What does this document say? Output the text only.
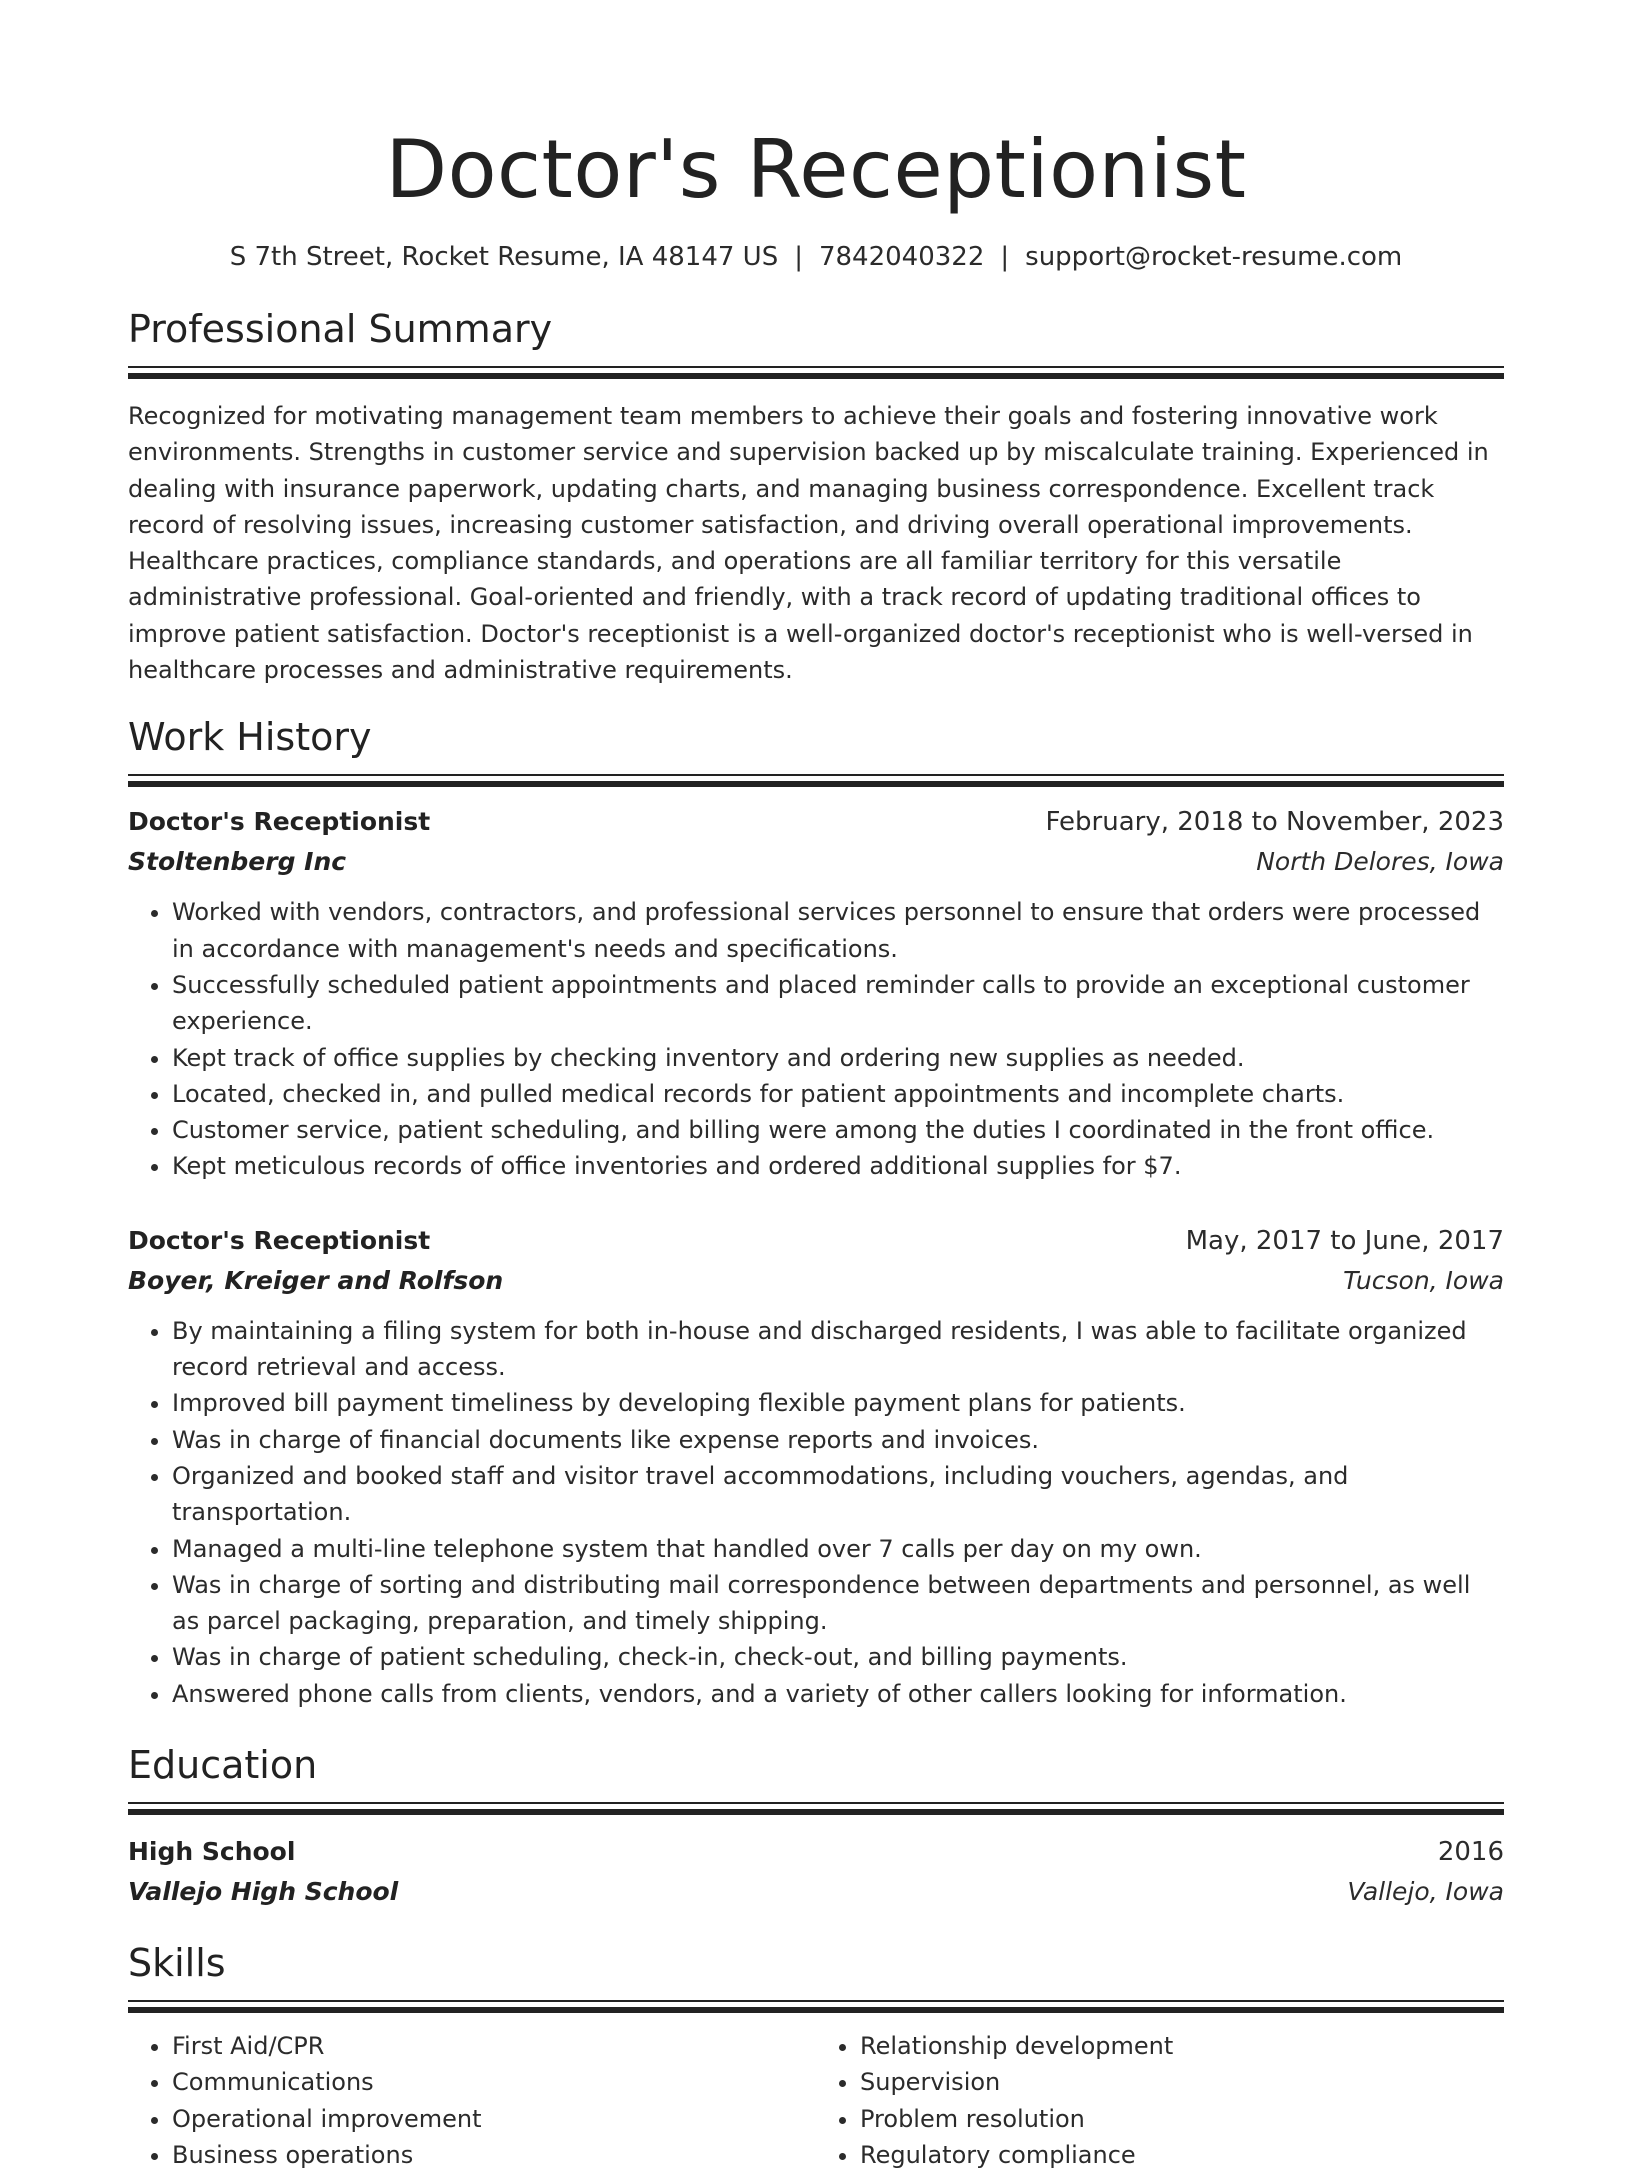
Doctor's Receptionist
S 7th Street, Rocket Resume, IA 48147 US | 7842040322 | support@rocket-resume.com
Professional Summary
Recognized for motivating management team members to achieve their goals and fostering innovative work environments. Strengths in customer service and supervision backed up by miscalculate training. Experienced in dealing with insurance paperwork, updating charts, and managing business correspondence. Excellent track record of resolving issues, increasing customer satisfaction, and driving overall operational improvements. Healthcare practices, compliance standards, and operations are all familiar territory for this versatile administrative professional. Goal-oriented and friendly, with a track record of updating traditional offices to improve patient satisfaction. Doctor's receptionist is a well-organized doctor's receptionist who is well-versed in healthcare processes and administrative requirements.
Work History
Doctor's Receptionist	February, 2018 to November, 2023
Stoltenberg Inc	North Delores, Iowa
• Worked with vendors, contractors, and professional services personnel to ensure that orders were processed in accordance with management's needs and specifications.
• Successfully scheduled patient appointments and placed reminder calls to provide an exceptional customer experience.
• Kept track of office supplies by checking inventory and ordering new supplies as needed.
• Located, checked in, and pulled medical records for patient appointments and incomplete charts.
• Customer service, patient scheduling, and billing were among the duties I coordinated in the front office.
• Kept meticulous records of office inventories and ordered additional supplies for $7.
Doctor's Receptionist	May, 2017 to June, 2017
Boyer, Kreiger and Rolfson	Tucson, Iowa
• By maintaining a filing system for both in-house and discharged residents, I was able to facilitate organized record retrieval and access.
• Improved bill payment timeliness by developing flexible payment plans for patients.
• Was in charge of financial documents like expense reports and invoices.
• Organized and booked staff and visitor travel accommodations, including vouchers, agendas, and transportation.
• Managed a multi-line telephone system that handled over 7 calls per day on my own.
• Was in charge of sorting and distributing mail correspondence between departments and personnel, as well as parcel packaging, preparation, and timely shipping.
• Was in charge of patient scheduling, check-in, check-out, and billing payments.
• Answered phone calls from clients, vendors, and a variety of other callers looking for information.
Education
High School	2016
Vallejo High School	Vallejo, Iowa
Skills
• First Aid/CPR
• Communications
• Operational improvement
• Business operations
• Relationship development
• Supervision
• Problem resolution
• Regulatory compliance
